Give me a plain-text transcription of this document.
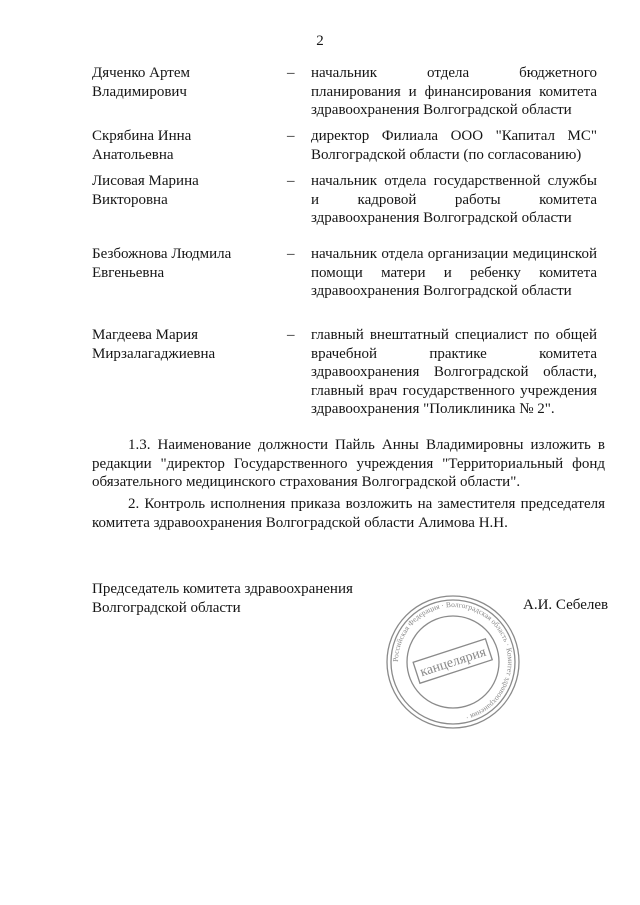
2
Дяченко Артем
Владимирович
– начальник отдела бюджетного планирования и финансирования комитета здравоохранения Волгоградской области
Скрябина Инна
Анатольевна
– директор Филиала ООО "Капитал МС" Волгоградской области (по согласованию)
Лисовая Марина
Викторовна
– начальник отдела государственной службы и кадровой работы комитета здравоохранения Волгоградской области
Безбожнова Людмила
Евгеньевна
– начальник отдела организации медицинской помощи матери и ребенку комитета здравоохранения Волгоградской области
Магдеева Мария
Мирзалагаджиевна
– главный внештатный специалист по общей врачебной практике комитета здравоохранения Волгоградской области, главный врач государственного учреждения здравоохранения "Поликлиника № 2".
1.3. Наименование должности Пайль Анны Владимировны изложить в редакции "директор Государственного учреждения "Территориальный фонд обязательного медицинского страхования Волгоградской области".
2. Контроль исполнения приказа возложить на заместителя председателя комитета здравоохранения Волгоградской области Алимова Н.Н.
Председатель комитета здравоохранения
Волгоградской области
Российская Федерация · Волгоградская область · Комитет здравоохранения ·
канцелярия
А.И. Себелев
